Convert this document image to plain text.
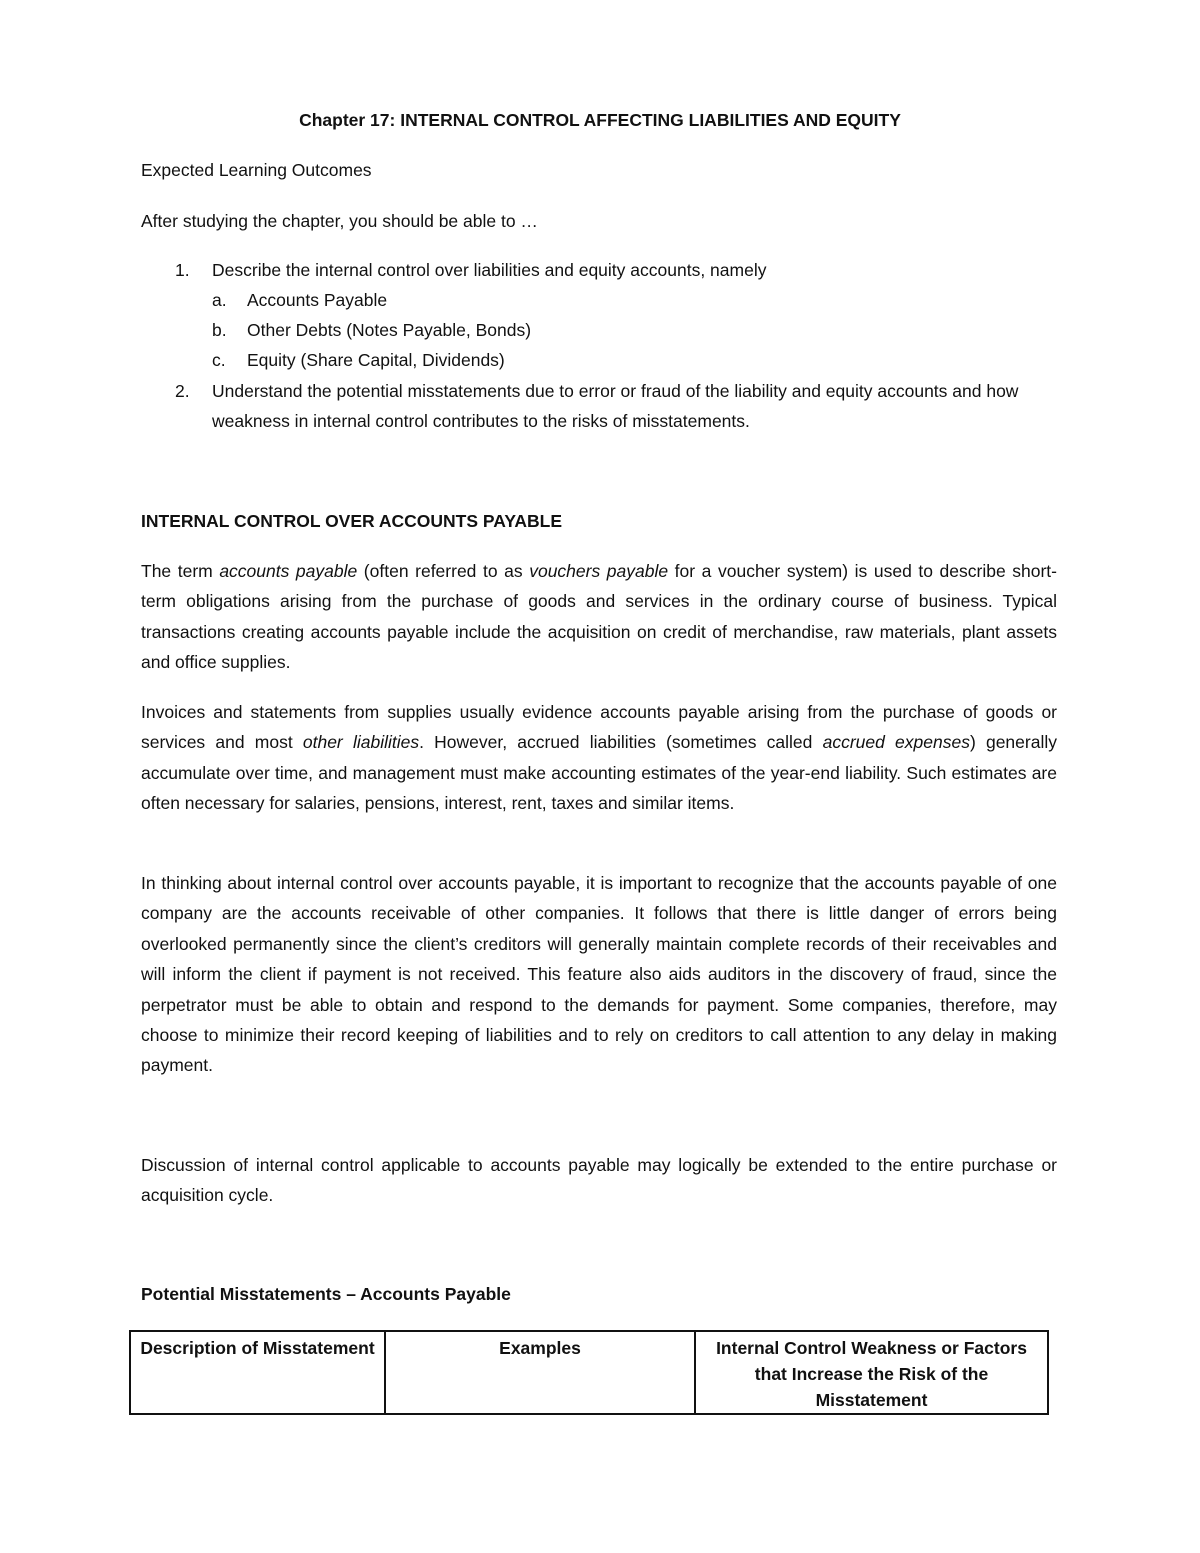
Chapter 17: INTERNAL CONTROL AFFECTING LIABILITIES AND EQUITY
Expected Learning Outcomes
After studying the chapter, you should be able to …
1. Describe the internal control over liabilities and equity accounts, namely
a. Accounts Payable
b. Other Debts (Notes Payable, Bonds)
c. Equity (Share Capital, Dividends)
2. Understand the potential misstatements due to error or fraud of the liability and equity accounts and how weakness in internal control contributes to the risks of misstatements.

INTERNAL CONTROL OVER ACCOUNTS PAYABLE

The term accounts payable (often referred to as vouchers payable for a voucher system) is used to describe short-term obligations arising from the purchase of goods and services in the ordinary course of business. Typical transactions creating accounts payable include the acquisition on credit of merchandise, raw materials, plant assets and office supplies.

Invoices and statements from supplies usually evidence accounts payable arising from the purchase of goods or services and most other liabilities. However, accrued liabilities (sometimes called accrued expenses) generally accumulate over time, and management must make accounting estimates of the year-end liability. Such estimates are often necessary for salaries, pensions, interest, rent, taxes and similar items.

In thinking about internal control over accounts payable, it is important to recognize that the accounts payable of one company are the accounts receivable of other companies. It follows that there is little danger of errors being overlooked permanently since the client’s creditors will generally maintain complete records of their receivables and will inform the client if payment is not received. This feature also aids auditors in the discovery of fraud, since the perpetrator must be able to obtain and respond to the demands for payment. Some companies, therefore, may choose to minimize their record keeping of liabilities and to rely on creditors to call attention to any delay in making payment.

Discussion of internal control applicable to accounts payable may logically be extended to the entire purchase or acquisition cycle.

Potential Misstatements – Accounts Payable
Description of Misstatement	Examples	Internal Control Weakness or Factors that Increase the Risk of the Misstatement
